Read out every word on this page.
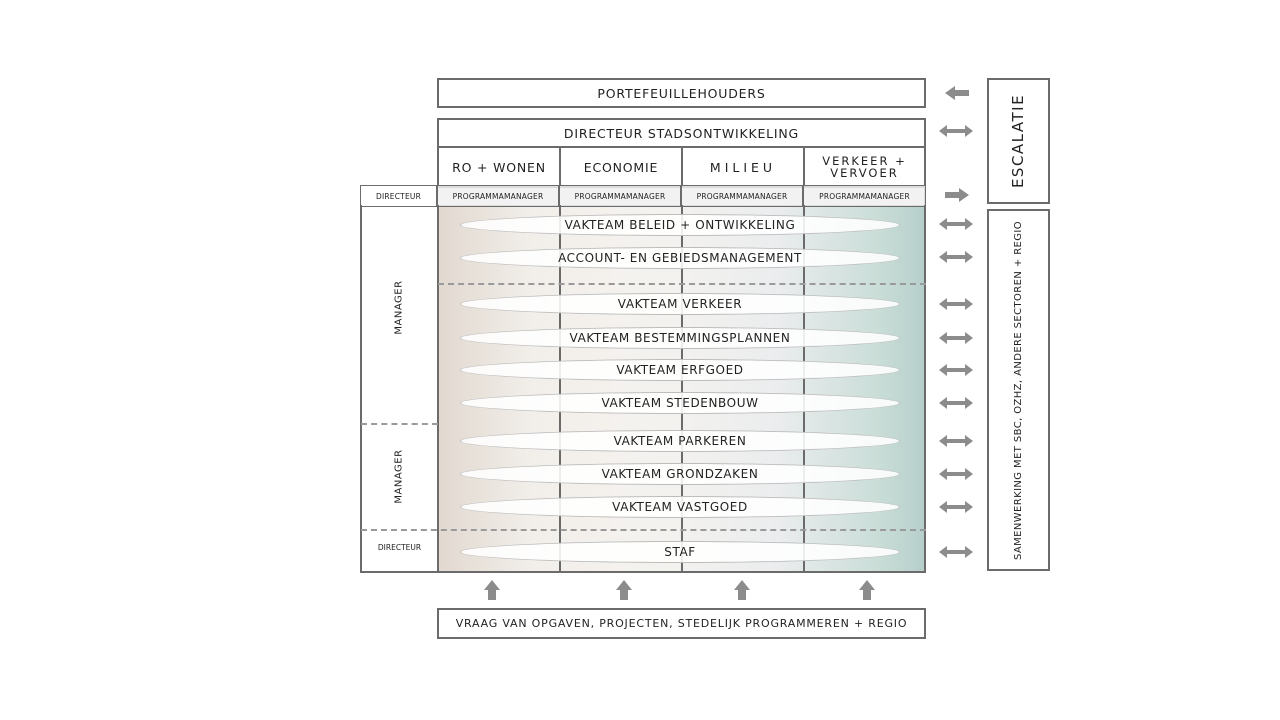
PORTEFEUILLEHOUDERS
DIRECTEUR STADSONTWIKKELING
RO + WONEN	ECONOMIE	MILIEU	VERKEER + VERVOER
DIRECTEUR	PROGRAMMAMANAGER	PROGRAMMAMANAGER	PROGRAMMAMANAGER	PROGRAMMAMANAGER
MANAGER
MANAGER
DIRECTEUR
VAKTEAM BELEID + ONTWIKKELING
ACCOUNT- EN GEBIEDSMANAGEMENT
VAKTEAM VERKEER
VAKTEAM BESTEMMINGSPLANNEN
VAKTEAM ERFGOED
VAKTEAM STEDENBOUW
VAKTEAM PARKEREN
VAKTEAM GRONDZAKEN
VAKTEAM VASTGOED
STAF
ESCALATIE
SAMENWERKING MET SBC, OZHZ, ANDERE SECTOREN + REGIO
VRAAG VAN OPGAVEN, PROJECTEN, STEDELIJK PROGRAMMEREN + REGIO
